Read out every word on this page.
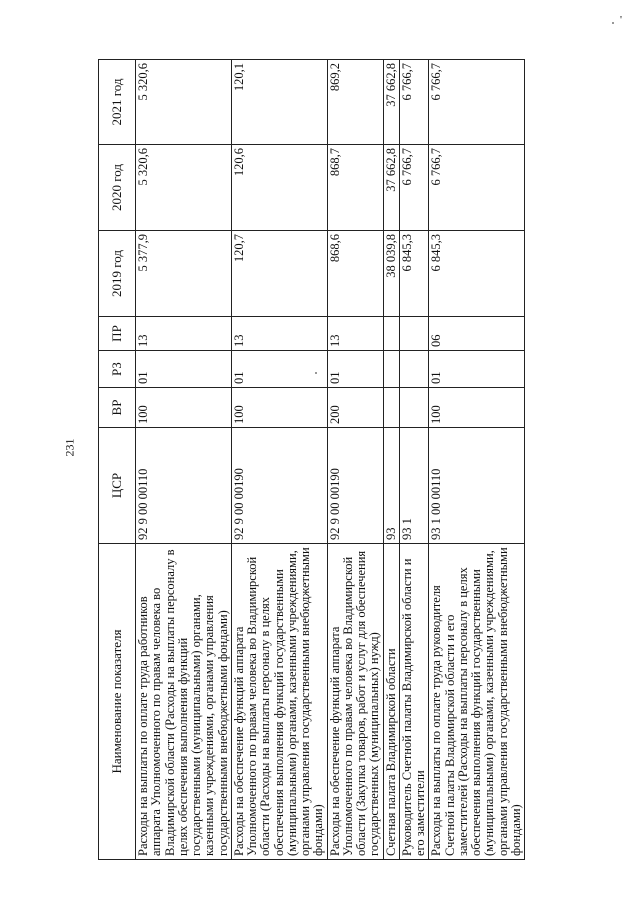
231
Наименование показателя	ЦСР	ВР	РЗ	ПР	2019 год	2020 год	2021 год
Расходы на выплаты по оплате труда работников аппарата Уполномоченного по правам человека во Владимирской области (Расходы на выплаты персоналу в целях обеспечения выполнения функций государственными (муниципальными) органами, казенными учреждениями, органами управления государственными внебюджетными фондами)	92 9 00 00110	100	01	13	5 377,9	5 320,6	5 320,6
Расходы на обеспечение функций аппарата Уполномоченного по правам человека во Владимирской области (Расходы на выплаты персоналу в целях обеспечения выполнения функций государственными (муниципальными) органами, казенными учреждениями, органами управления государственными внебюджетными фондами)	92 9 00 00190	100	01	13	120,7	120,6	120,1
Расходы на обеспечение функций аппарата Уполномоченного по правам человека во Владимирской области (Закупка товаров, работ и услуг для обеспечения государственных (муниципальных) нужд)	92 9 00 00190	200	01	13	868,6	868,7	869,2
Счетная палата Владимирской области	93				38 039,8	37 662,8	37 662,8
Руководитель Счетной палаты Владимирской области и его заместители	93 1				6 845,3	6 766,7	6 766,7
Расходы на выплаты по оплате труда руководителя Счетной палаты Владимирской области и его заместителей (Расходы на выплаты персоналу в целях обеспечения выполнения функций государственными (муниципальными) органами, казенными учреждениями, органами управления государственными внебюджетными фондами)	93 1 00 00110	100	01	06	6 845,3	6 766,7	6 766,7
'
